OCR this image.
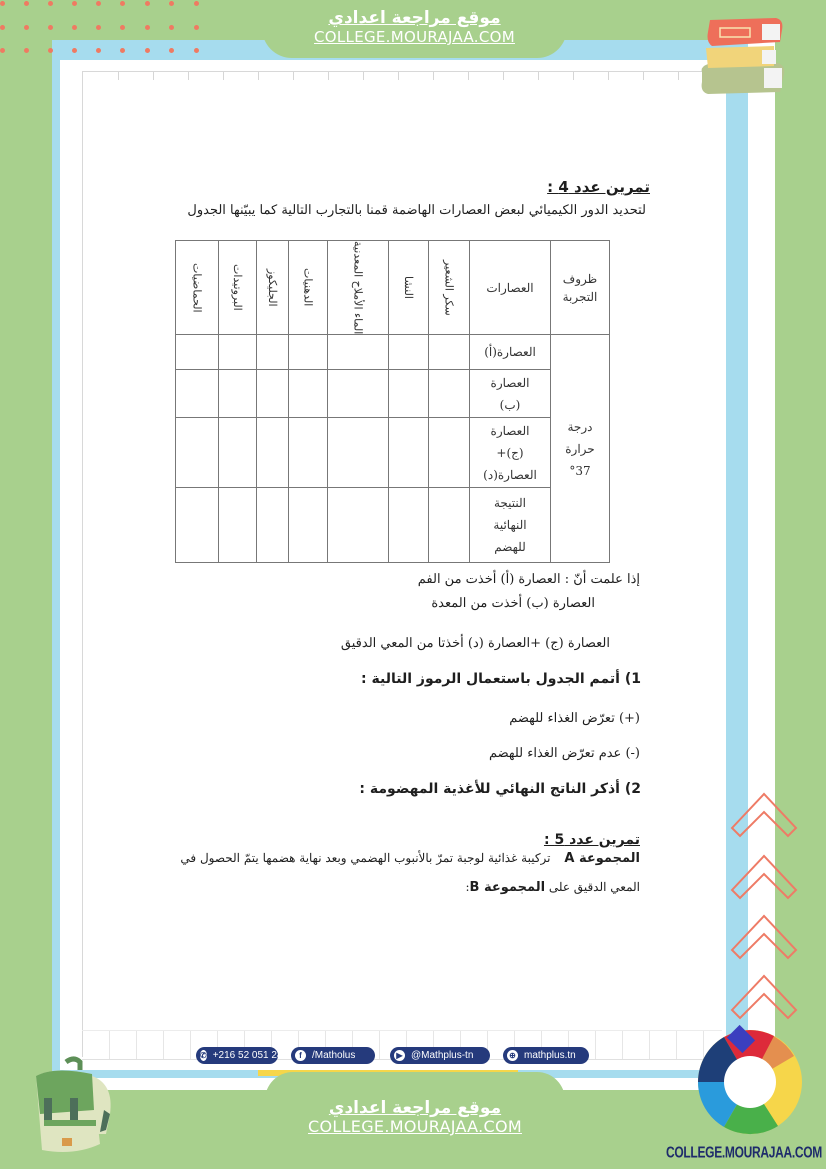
موقع مراجعة اعدادي
COLLEGE.MOURAJAA.COM
تمرين عدد 4 :
لتحديد الدور الكيميائي لبعض العصارات الهاضمة قمنا بالتجارب التالية كما يبيّنها الجدول
ظروف التجربة	العصارات	سكر الشعير	النشا	الماء الأملاح المعدنية	الدهنيات	الجليكوز	البروتيدات	الحماضيات

درجة حرارة 37°	العصارة(أ)							

	العصارة (ب)							

	العصارة (ج)+ العصارة(د)							

	النتيجة النهائية للهضم							

إذا علمت أنّ : العصارة (أ) أخذت من الفم
العصارة (ب) أخذت من المعدة
العصارة (ج) +العصارة (د) أخذتا من المعي الدقيق
1) أتمم الجدول باستعمال الرموز التالية :
(+) تعرّض الغذاء للهضم
(-) عدم تعرّض الغذاء للهضم
2) أذكر الناتج النهائي للأغذية المهضومة :
تمرين عدد 5 :
المجموعة A تركيبة غذائية لوجبة تمرّ بالأنبوب الهضمي وبعد نهاية هضمها يتمّ الحصول في
المعي الدقيق على المجموعة B:
✆ +216 52 051 249	f	/Matholus	▶ @Mathplus-tn	⊕ mathplus.tn
موقع مراجعة اعدادي
COLLEGE.MOURAJAA.COM
COLLEGE.MOURAJAA.COM
